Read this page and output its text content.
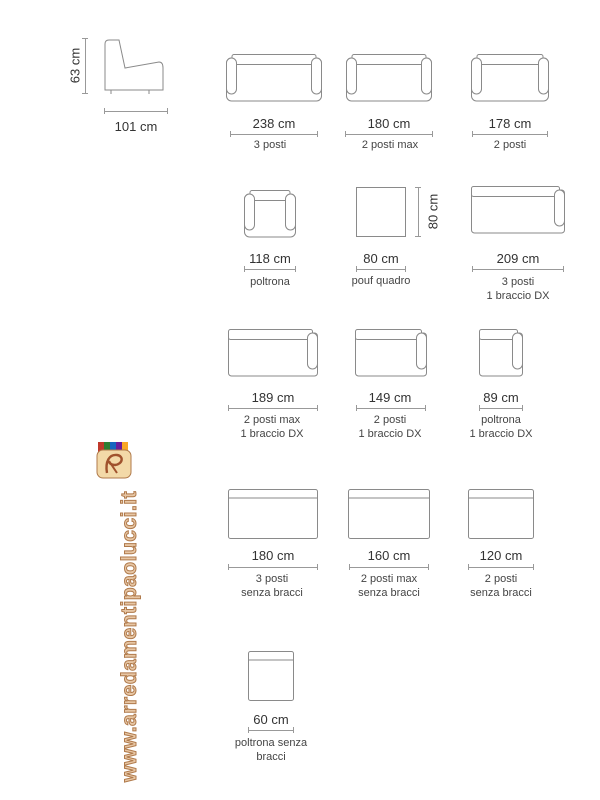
63 cm
101 cm	238 cm
3 posti
180 cm
2 posti max
178 cm
2 posti
118 cm
poltrona
80 cm
80 cm
pouf quadro
209 cm
3 posti
1 braccio DX
189 cm
2 posti max
1 braccio DX
149 cm
2 posti
1 braccio DX
89 cm
poltrona
1 braccio DX
180 cm
3 posti
senza bracci
160 cm
2 posti max
senza bracci
120 cm
2 posti
senza bracci
60 cm
poltrona senza
bracci
www.arredamentipaolucci.it
